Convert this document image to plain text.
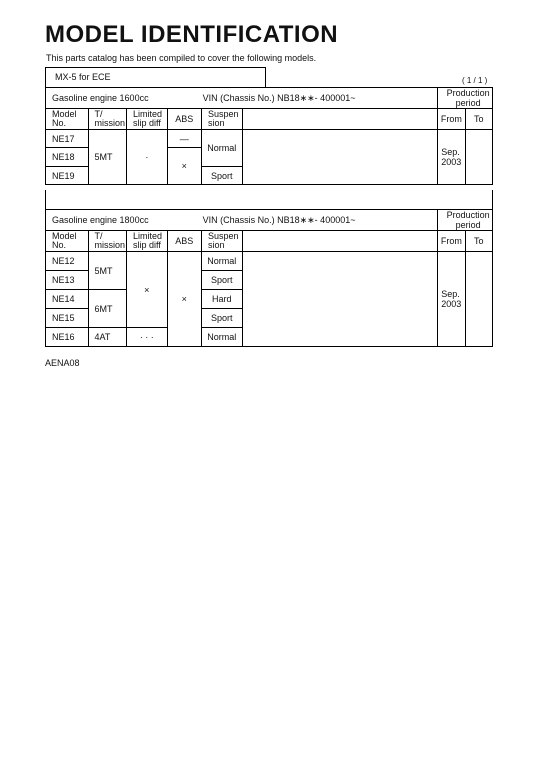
MODEL IDENTIFICATION
This parts catalog has been compiled to cover the following models.
MX-5 for ECE	( 1 / 1 )
Gasoline engine 1600cc VIN (Chassis No.) NB18∗∗- 400001~						Production period	
Model No.	T/ mission	Limited slip diff	ABS	Suspen sion		From	To
NE17	5MT	·	—	Normal		Sep. 2003	
NE18			×				
NE19				Sport			
Gasoline engine 1800cc VIN (Chassis No.) NB18∗∗- 400001~						Production period	
Model No.	T/ mission	Limited slip diff	ABS	Suspen sion		From	To
NE12	5MT	×	×	Normal		Sep. 2003	
NE13				Sport			
NE14	6MT			Hard			
NE15				Sport			
NE16	4AT	· · ·		Normal			
AENA08
